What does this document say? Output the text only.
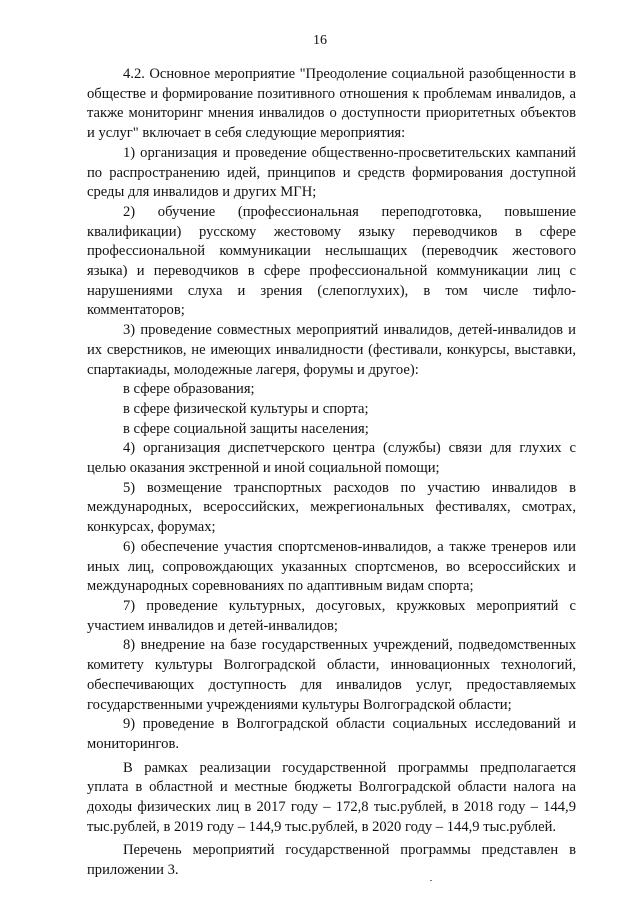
16

4.2. Основное мероприятие "Преодоление социальной разобщенности в обществе и формирование позитивного отношения к проблемам инвалидов, а также мониторинг мнения инвалидов о доступности приоритетных объектов и услуг" включает в себя следующие мероприятия:

1) организация и проведение общественно-просветительских кампаний по распространению идей, принципов и средств формирования доступной среды для инвалидов и других МГН;

2) обучение (профессиональная переподготовка, повышение квалификации) русскому жестовому языку переводчиков в сфере профессиональной коммуникации неслышащих (переводчик жестового языка) и переводчиков в сфере профессиональной коммуникации лиц с нарушениями слуха и зрения (слепоглухих), в том числе тифло-комментаторов;

3) проведение совместных мероприятий инвалидов, детей-инвалидов и их сверстников, не имеющих инвалидности (фестивали, конкурсы, выставки, спартакиады, молодежные лагеря, форумы и другое):

в сфере образования;

в сфере физической культуры и спорта;

в сфере социальной защиты населения;

4) организация диспетчерского центра (службы) связи для глухих с целью оказания экстренной и иной социальной помощи;

5) возмещение транспортных расходов по участию инвалидов в международных, всероссийских, межрегиональных фестивалях, смотрах, конкурсах, форумах;

6) обеспечение участия спортсменов-инвалидов, а также тренеров или иных лиц, сопровождающих указанных спортсменов, во всероссийских и международных соревнованиях по адаптивным видам спорта;

7) проведение культурных, досуговых, кружковых мероприятий с участием инвалидов и детей-инвалидов;

8) внедрение на базе государственных учреждений, подведомственных комитету культуры Волгоградской области, инновационных технологий, обеспечивающих доступность для инвалидов услуг, предоставляемых государственными учреждениями культуры Волгоградской области;

9) проведение в Волгоградской области социальных исследований и мониторингов.

В рамках реализации государственной программы предполагается уплата в областной и местные бюджеты Волгоградской области налога на доходы физических лиц в 2017 году – 172,8 тыс.рублей, в 2018 году – 144,9 тыс.рублей, в 2019 году – 144,9 тыс.рублей, в 2020 году – 144,9 тыс.рублей.

Перечень мероприятий государственной программы представлен в приложении 3.
